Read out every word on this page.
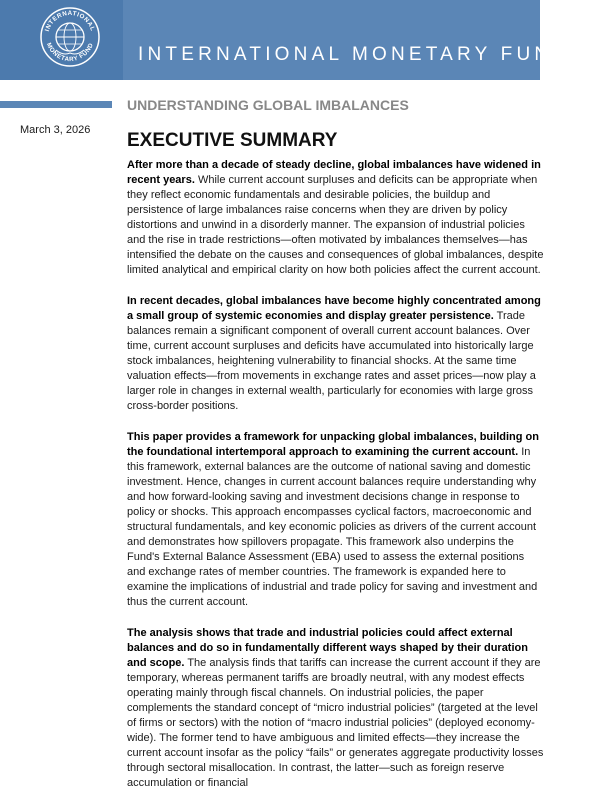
INTERNATIONAL
MONETARY FUND INTERNATIONAL MONETARY FUND
UNDERSTANDING GLOBAL IMBALANCES
March 3, 2026 EXECUTIVE SUMMARY

After more than a decade of steady decline, global imbalances have widened in recent years. While current account surpluses and deficits can be appropriate when they reflect economic fundamentals and desirable policies, the buildup and persistence of large imbalances raise concerns when they are driven by policy distortions and unwind in a disorderly manner. The expansion of industrial policies and the rise in trade restrictions—often motivated by imbalances themselves—has intensified the debate on the causes and consequences of global imbalances, despite limited analytical and empirical clarity on how both policies affect the current account.

In recent decades, global imbalances have become highly concentrated among a small group of systemic economies and display greater persistence. Trade balances remain a significant component of overall current account balances. Over time, current account surpluses and deficits have accumulated into historically large stock imbalances, heightening vulnerability to financial shocks. At the same time valuation effects—from movements in exchange rates and asset prices—now play a larger role in changes in external wealth, particularly for economies with large gross cross-border positions.

This paper provides a framework for unpacking global imbalances, building on the foundational intertemporal approach to examining the current account. In this framework, external balances are the outcome of national saving and domestic investment. Hence, changes in current account balances require understanding why and how forward-looking saving and investment decisions change in response to policy or shocks. This approach encompasses cyclical factors, macroeconomic and structural fundamentals, and key economic policies as drivers of the current account and demonstrates how spillovers propagate. This framework also underpins the Fund's External Balance Assessment (EBA) used to assess the external positions and exchange rates of member countries. The framework is expanded here to examine the implications of industrial and trade policy for saving and investment and thus the current account.

The analysis shows that trade and industrial policies could affect external balances and do so in fundamentally different ways shaped by their duration and scope. The analysis finds that tariffs can increase the current account if they are temporary, whereas permanent tariffs are broadly neutral, with any modest effects operating mainly through fiscal channels. On industrial policies, the paper complements the standard concept of “micro industrial policies” (targeted at the level of firms or sectors) with the notion of “macro industrial policies” (deployed economy-wide). The former tend to have ambiguous and limited effects—they increase the current account insofar as the policy “fails” or generates aggregate productivity losses through sectoral misallocation. In contrast, the latter—such as foreign reserve accumulation or financial
